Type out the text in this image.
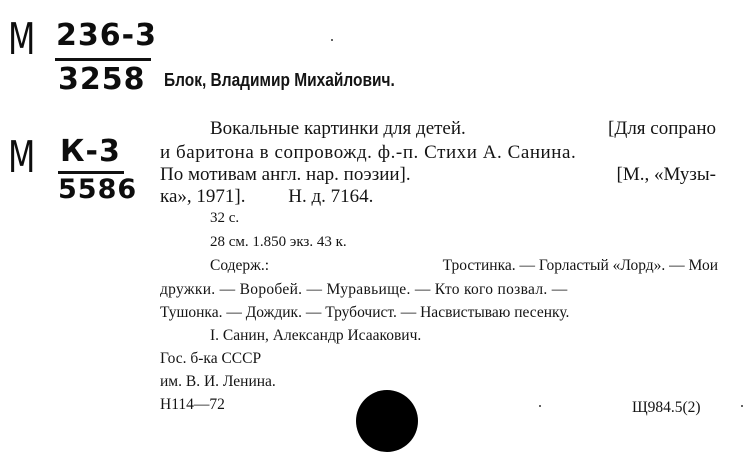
М 236-3
3258
М К-3
5586
Блок, Владимир Михайлович.
Вокальные картинки для детей.	[Для сопрано
и баритона в сопровожд. ф.-п. Стихи А. Санина.
По мотивам англ. нар. поэзии].	[М., «Музы-
ка», 1971]. Н. д. 7164.
32 с.
28 см. 1.850 экз. 43 к.
Содерж.:	Тростинка. — Горластый «Лорд». — Мои
дружки. — Воробей. — Муравьище. — Кто кого позвал. —
Тушонка. — Дождик. — Трубочист. — Насвистываю песенку.
I. Санин, Александр Исаакович.
Гос. б-ка СССР
им. В. И. Ленина.
Н114—72	Щ984.5(2)
